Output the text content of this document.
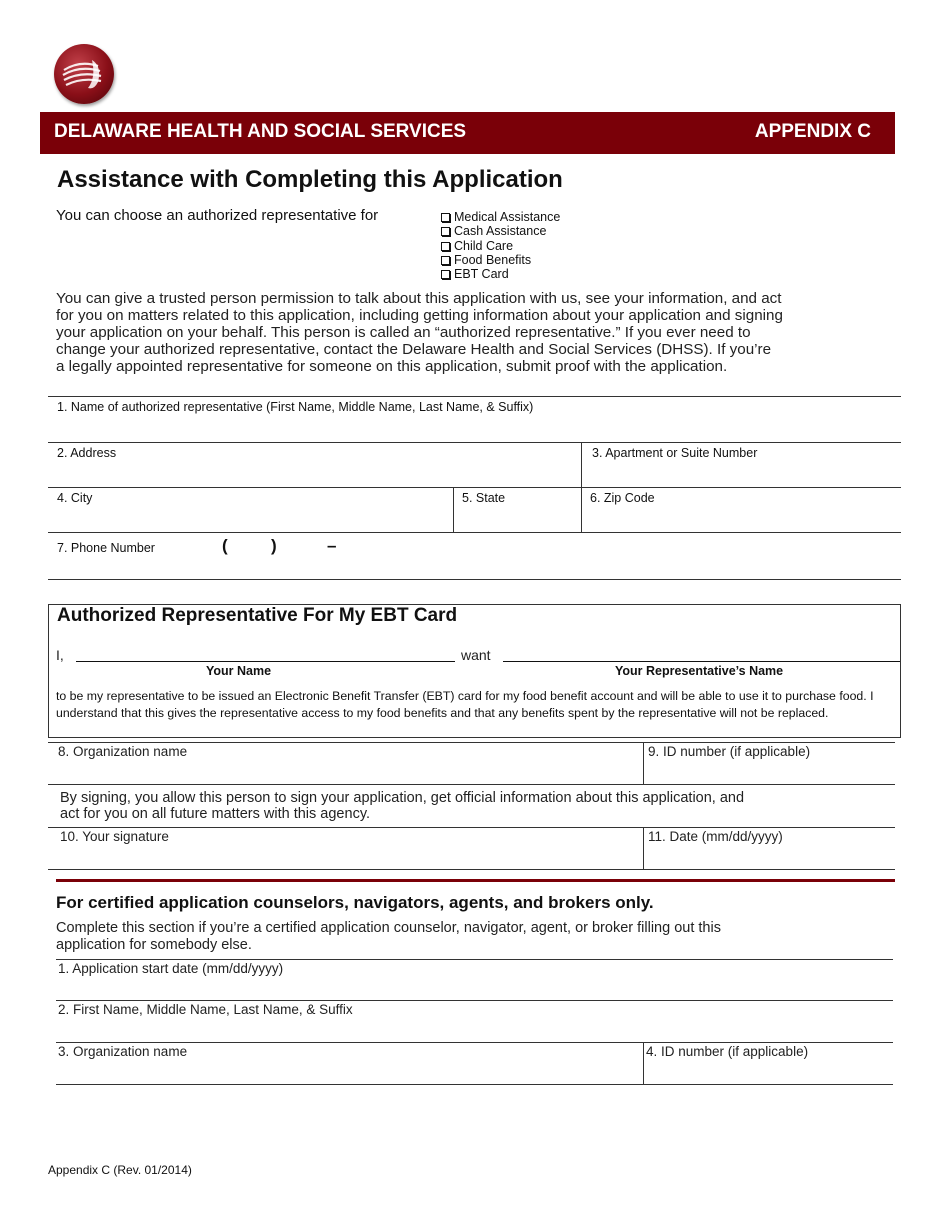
DELAWARE HEALTH AND SOCIAL SERVICES	APPENDIX C
Assistance with Completing this Application
You can choose an authorized representative for	Medical Assistance
Cash Assistance
Child Care
Food Benefits
EBT Card
You can give a trusted person permission to talk about this application with us, see your information, and act
for you on matters related to this application, including getting information about your application and signing
your application on your behalf. This person is called an “authorized representative.” If you ever need to
change your authorized representative, contact the Delaware Health and Social Services (DHSS). If you’re
a legally appointed representative for someone on this application, submit proof with the application.
1. Name of authorized representative (First Name, Middle Name, Last Name, & Suffix)
2. Address	3. Apartment or Suite Number
4. City	5. State	6. Zip Code
7. Phone Number	(	)	–
Authorized Representative For My EBT Card
I,	want
Your Name	Your Representative’s Name
to be my representative to be issued an Electronic Benefit Transfer (EBT) card for my food benefit account and will be able to use it to purchase food. I
understand that this gives the representative access to my food benefits and that any benefits spent by the representative will not be replaced.
8. Organization name	9. ID number (if applicable)
By signing, you allow this person to sign your application, get official information about this application, and
act for you on all future matters with this agency.
10. Your signature	11. Date (mm/dd/yyyy)
For certified application counselors, navigators, agents, and brokers only.
Complete this section if you’re a certified application counselor, navigator, agent, or broker filling out this
application for somebody else.
1. Application start date (mm/dd/yyyy)
2. First Name, Middle Name, Last Name, & Suffix
3. Organization name	4. ID number (if applicable)
Appendix C (Rev. 01/2014)
